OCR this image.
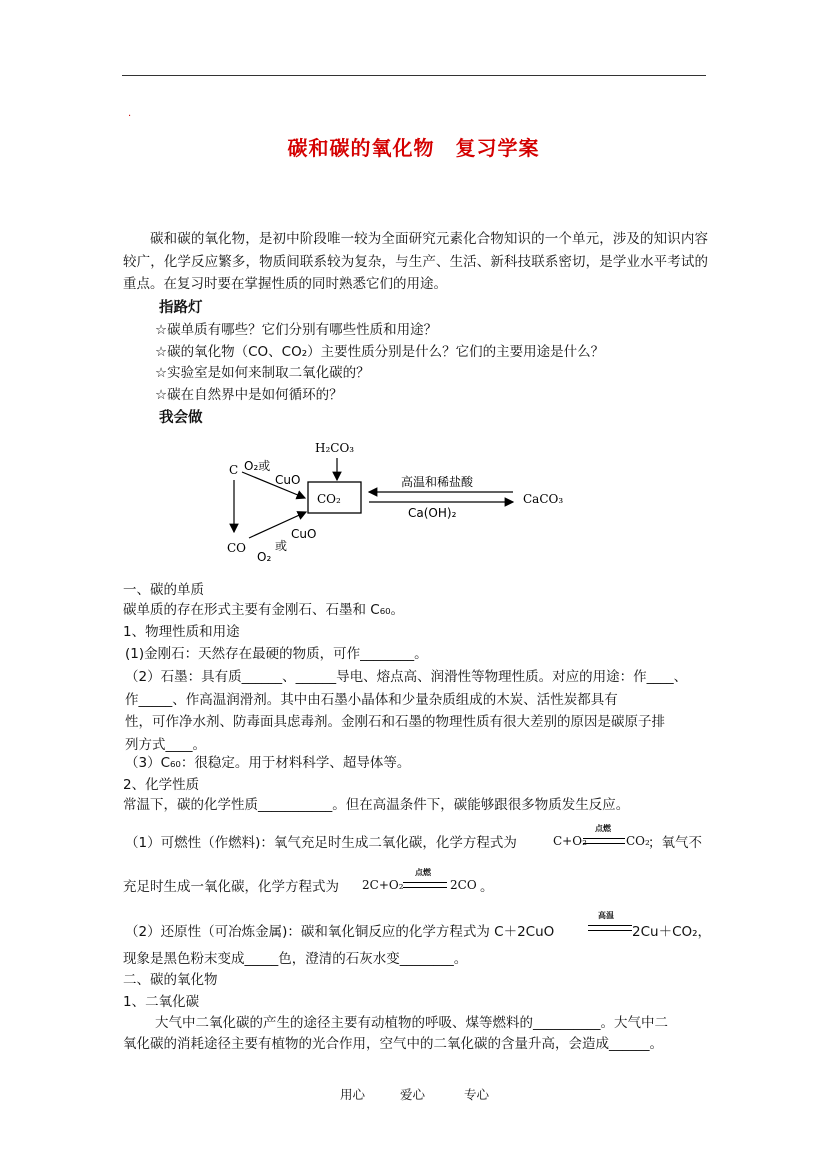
.
碳和碳的氧化物　复习学案
碳和碳的氧化物，是初中阶段唯一较为全面研究元素化合物知识的一个单元，涉及的知识内容较广，化学反应繁多，物质间联系较为复杂，与生产、生活、新科技联系密切，是学业水平考试的重点。在复习时要在掌握性质的同时熟悉它们的用途。
指路灯
☆碳单质有哪些？它们分别有哪些性质和用途？
☆碳的氧化物（CO、CO₂）主要性质分别是什么？它们的主要用途是什么？
☆实验室是如何来制取二氧化碳的？
☆碳在自然界中是如何循环的？
我会做
C
CO
CO₂
H₂CO₃
CaCO₃
O₂或
CuO
O₂
或
CuO
高温和稀盐酸
Ca(OH)₂
一、碳的单质
碳单质的存在形式主要有金刚石、石墨和 C₆₀。
1、物理性质和用途
(1)金刚石：天然存在最硬的物质，可作________。
（2）石墨：具有质______、______导电、熔点高、润滑性等物理性质。对应的用途：作____、
作_____、作高温润滑剂。其中由石墨小晶体和少量杂质组成的木炭、活性炭都具有
性，可作净水剂、防毒面具虑毒剂。金刚石和石墨的物理性质有很大差别的原因是碳原子排
列方式____。
（3）C₆₀：很稳定。用于材料科学、超导体等。
2、化学性质
常温下，碳的化学性质___________。但在高温条件下，碳能够跟很多物质发生反应。
（1）可燃性（作燃料)：氧气充足时生成二氧化碳，化学方程式为	C+O₂
点燃
CO₂
；氧气不
充足时生成一氧化碳，化学方程式为 2C+O₂
点燃
2CO 。
（2）还原性（可冶炼金属)：碳和氧化铜反应的化学方程式为 C＋2CuO
高温
2Cu＋CO₂，
现象是黑色粉末变成_____色，澄清的石灰水变________。
二、碳的氧化物
1、二氧化碳
大气中二氧化碳的产生的途径主要有动植物的呼吸、煤等燃料的__________。大气中二
氧化碳的消耗途径主要有植物的光合作用，空气中的二氧化碳的含量升高，会造成______。
用心	爱心	专心
